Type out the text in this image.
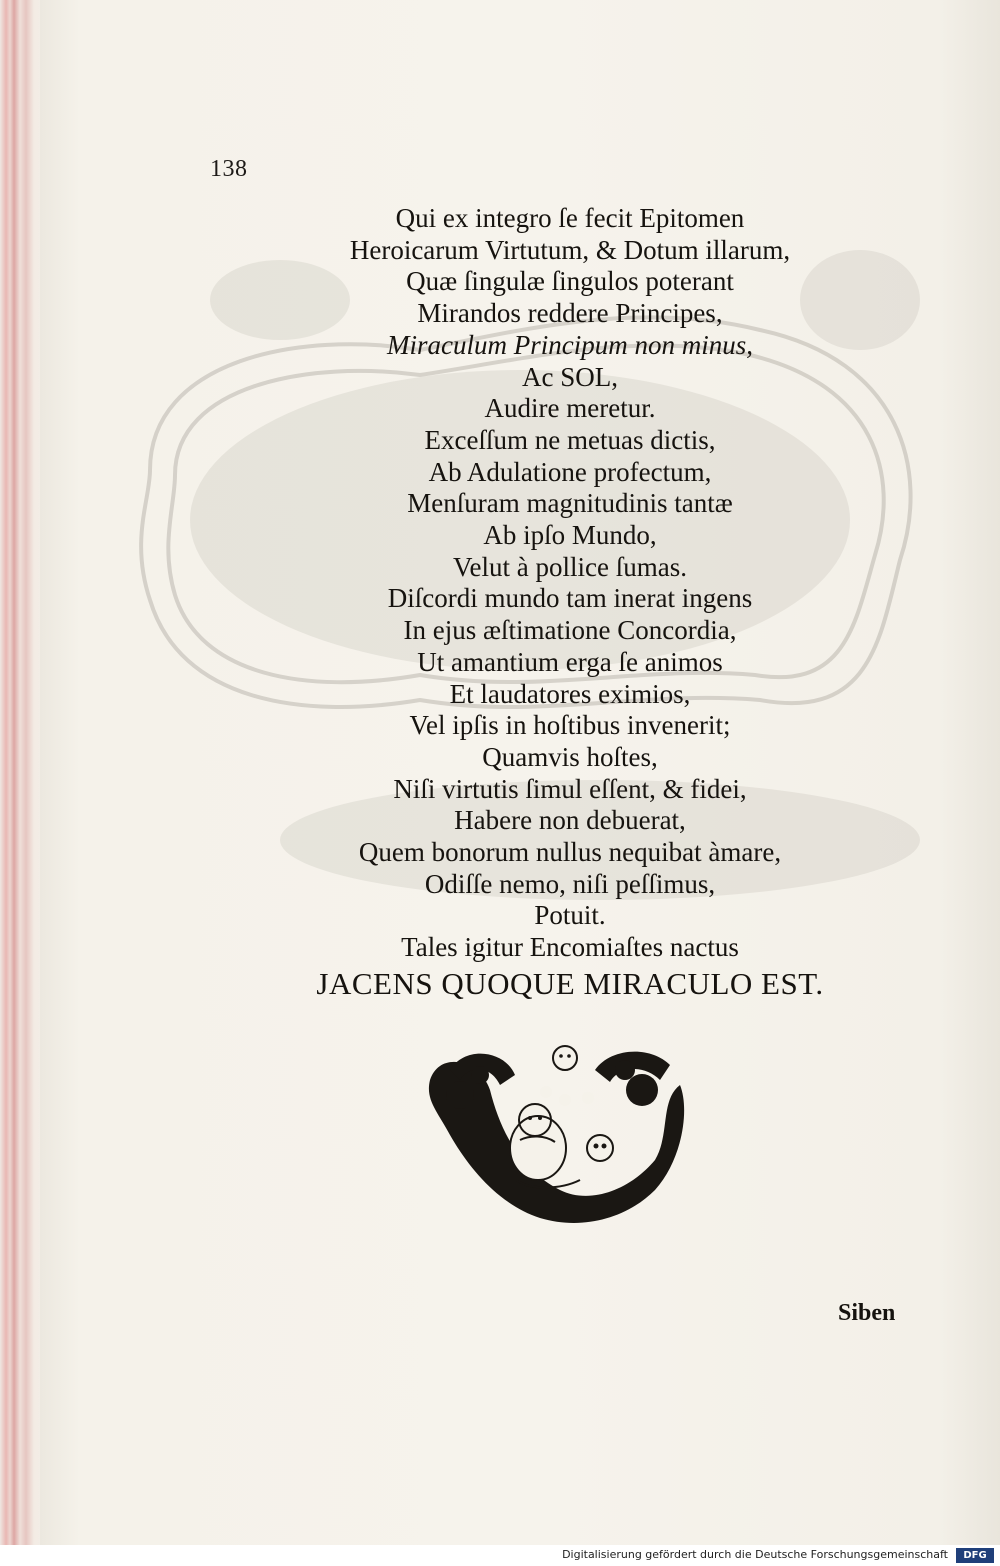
138
Qui ex integro ſe fecit Epitomen
Heroicarum Virtutum, & Dotum illarum,
Quæ ſingulæ ſingulos poterant
Mirandos reddere Principes,
Miraculum Principum non minus,
Ac SOL,
Audire meretur.
Exceſſum ne metuas dictis,
Ab Adulatione profectum,
Menſuram magnitudinis tantæ
Ab ipſo Mundo,
Velut à pollice ſumas.
Diſcordi mundo tam inerat ingens
In ejus æſtimatione Concordia,
Ut amantium erga ſe animos
Et laudatores eximios,
Vel ipſis in hoſtibus invenerit;
Quamvis hoſtes,
Niſi virtutis ſimul eſſent, & fidei,
Habere non debuerat,
Quem bonorum nullus nequibat àmare,
Odiſſe nemo, niſi peſſimus,
Potuit.
Tales igitur Encomiaſtes nactus
JACENS QUOQUE MIRACULO EST.
Siben
Digitalisierung gefördert durch die Deutsche Forschungsgemeinschaft	DFG
